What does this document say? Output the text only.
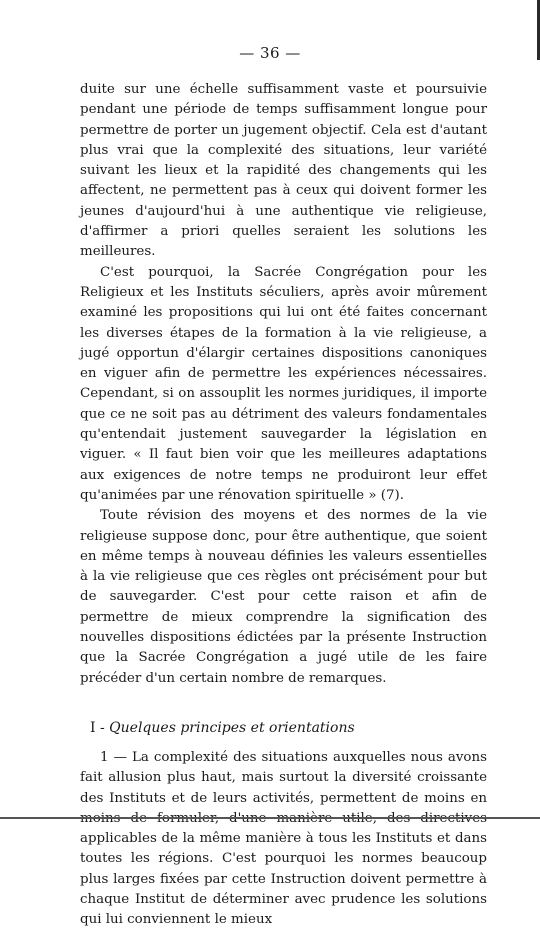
— 36 —

duite sur une échelle suffisamment vaste et poursuivie pendant une période de temps suffisamment longue pour permettre de porter un jugement objectif. Cela est d'autant plus vrai que la complexité des situations, leur variété suivant les lieux et la rapidité des changements qui les affectent, ne permettent pas à ceux qui doivent former les jeunes d'aujourd'hui à une authentique vie religieuse, d'affirmer a priori quelles seraient les solutions les meilleures.

C'est pourquoi, la Sacrée Congrégation pour les Religieux et les Instituts séculiers, après avoir mûrement examiné les propositions qui lui ont été faites concernant les diverses étapes de la formation à la vie religieuse, a jugé opportun d'élargir certaines dispositions canoniques en viguer afin de permettre les expériences nécessaires. Cependant, si on assouplit les normes juridiques, il importe que ce ne soit pas au détriment des valeurs fondamentales qu'entendait justement sauvegarder la législation en viguer. « Il faut bien voir que les meilleures adaptations aux exigences de notre temps ne produiront leur effet qu'animées par une rénovation spirituelle » (7).

Toute révision des moyens et des normes de la vie religieuse suppose donc, pour être authentique, que soient en même temps à nouveau définies les valeurs essentielles à la vie religieuse que ces règles ont précisément pour but de sauvegarder. C'est pour cette raison et afin de permettre de mieux comprendre la signification des nouvelles dispositions édictées par la présente Instruction que la Sacrée Congrégation a jugé utile de les faire précéder d'un certain nombre de remarques.

I - Quelques principes et orientations

1 — La complexité des situations auxquelles nous avons fait allusion plus haut, mais surtout la diversité croissante des Instituts et de leurs activités, permettent de moins en applicables de la même manière à tous les Instituts et dans toutes les régions. C'est pourquoi les normes beaucoup plus larges fixées par cette Instruction doivent permettre à chaque Institut de déterminer avec prudence les solutions qui lui conviennent le mieux
